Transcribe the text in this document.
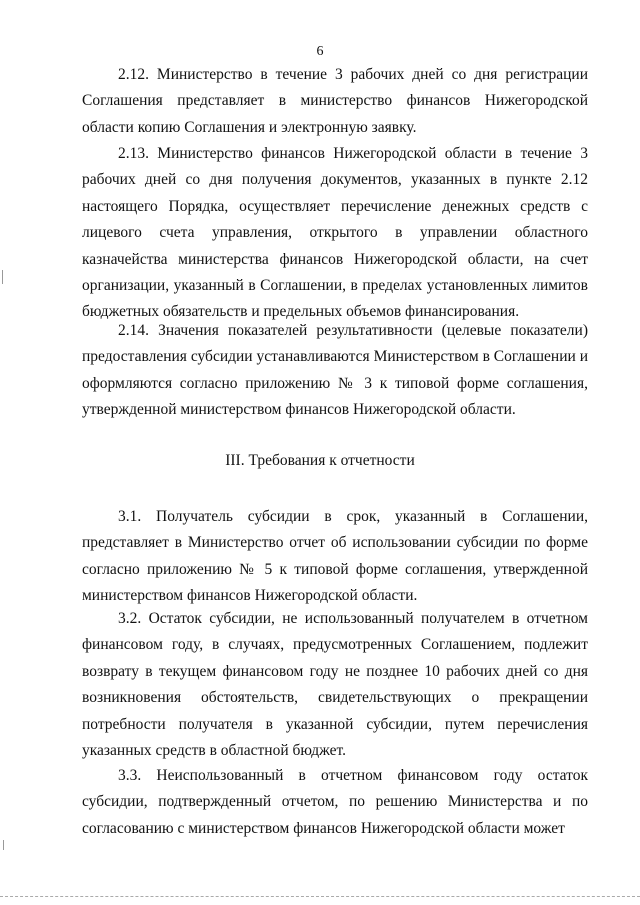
6

2.12. Министерство в течение 3 рабочих дней со дня регистрации Соглашения представляет в министерство финансов Нижегородской области копию Соглашения и электронную заявку.

2.13. Министерство финансов Нижегородской области в течение 3 рабочих дней со дня получения документов, указанных в пункте 2.12 настоящего Порядка, осуществляет перечисление денежных средств с лицевого счета управления, открытого в управлении областного казначейства министерства финансов Нижегородской области, на счет организации, указанный в Соглашении, в пределах установленных лимитов бюджетных обязательств и предельных объемов финансирования.

2.14. Значения показателей результативности (целевые показатели) предоставления субсидии устанавливаются Министерством в Соглашении и оформляются согласно приложению № 3 к типовой форме соглашения, утвержденной министерством финансов Нижегородской области.

III. Требования к отчетности

3.1. Получатель субсидии в срок, указанный в Соглашении, представляет в Министерство отчет об использовании субсидии по форме согласно приложению № 5 к типовой форме соглашения, утвержденной министерством финансов Нижегородской области.

3.2. Остаток субсидии, не использованный получателем в отчетном финансовом году, в случаях, предусмотренных Соглашением, подлежит возврату в текущем финансовом году не позднее 10 рабочих дней со дня возникновения обстоятельств, свидетельствующих о прекращении потребности получателя в указанной субсидии, путем перечисления указанных средств в областной бюджет.

3.3. Неиспользованный в отчетном финансовом году остаток субсидии, подтвержденный отчетом, по решению Министерства и по согласованию с министерством финансов Нижегородской области может
